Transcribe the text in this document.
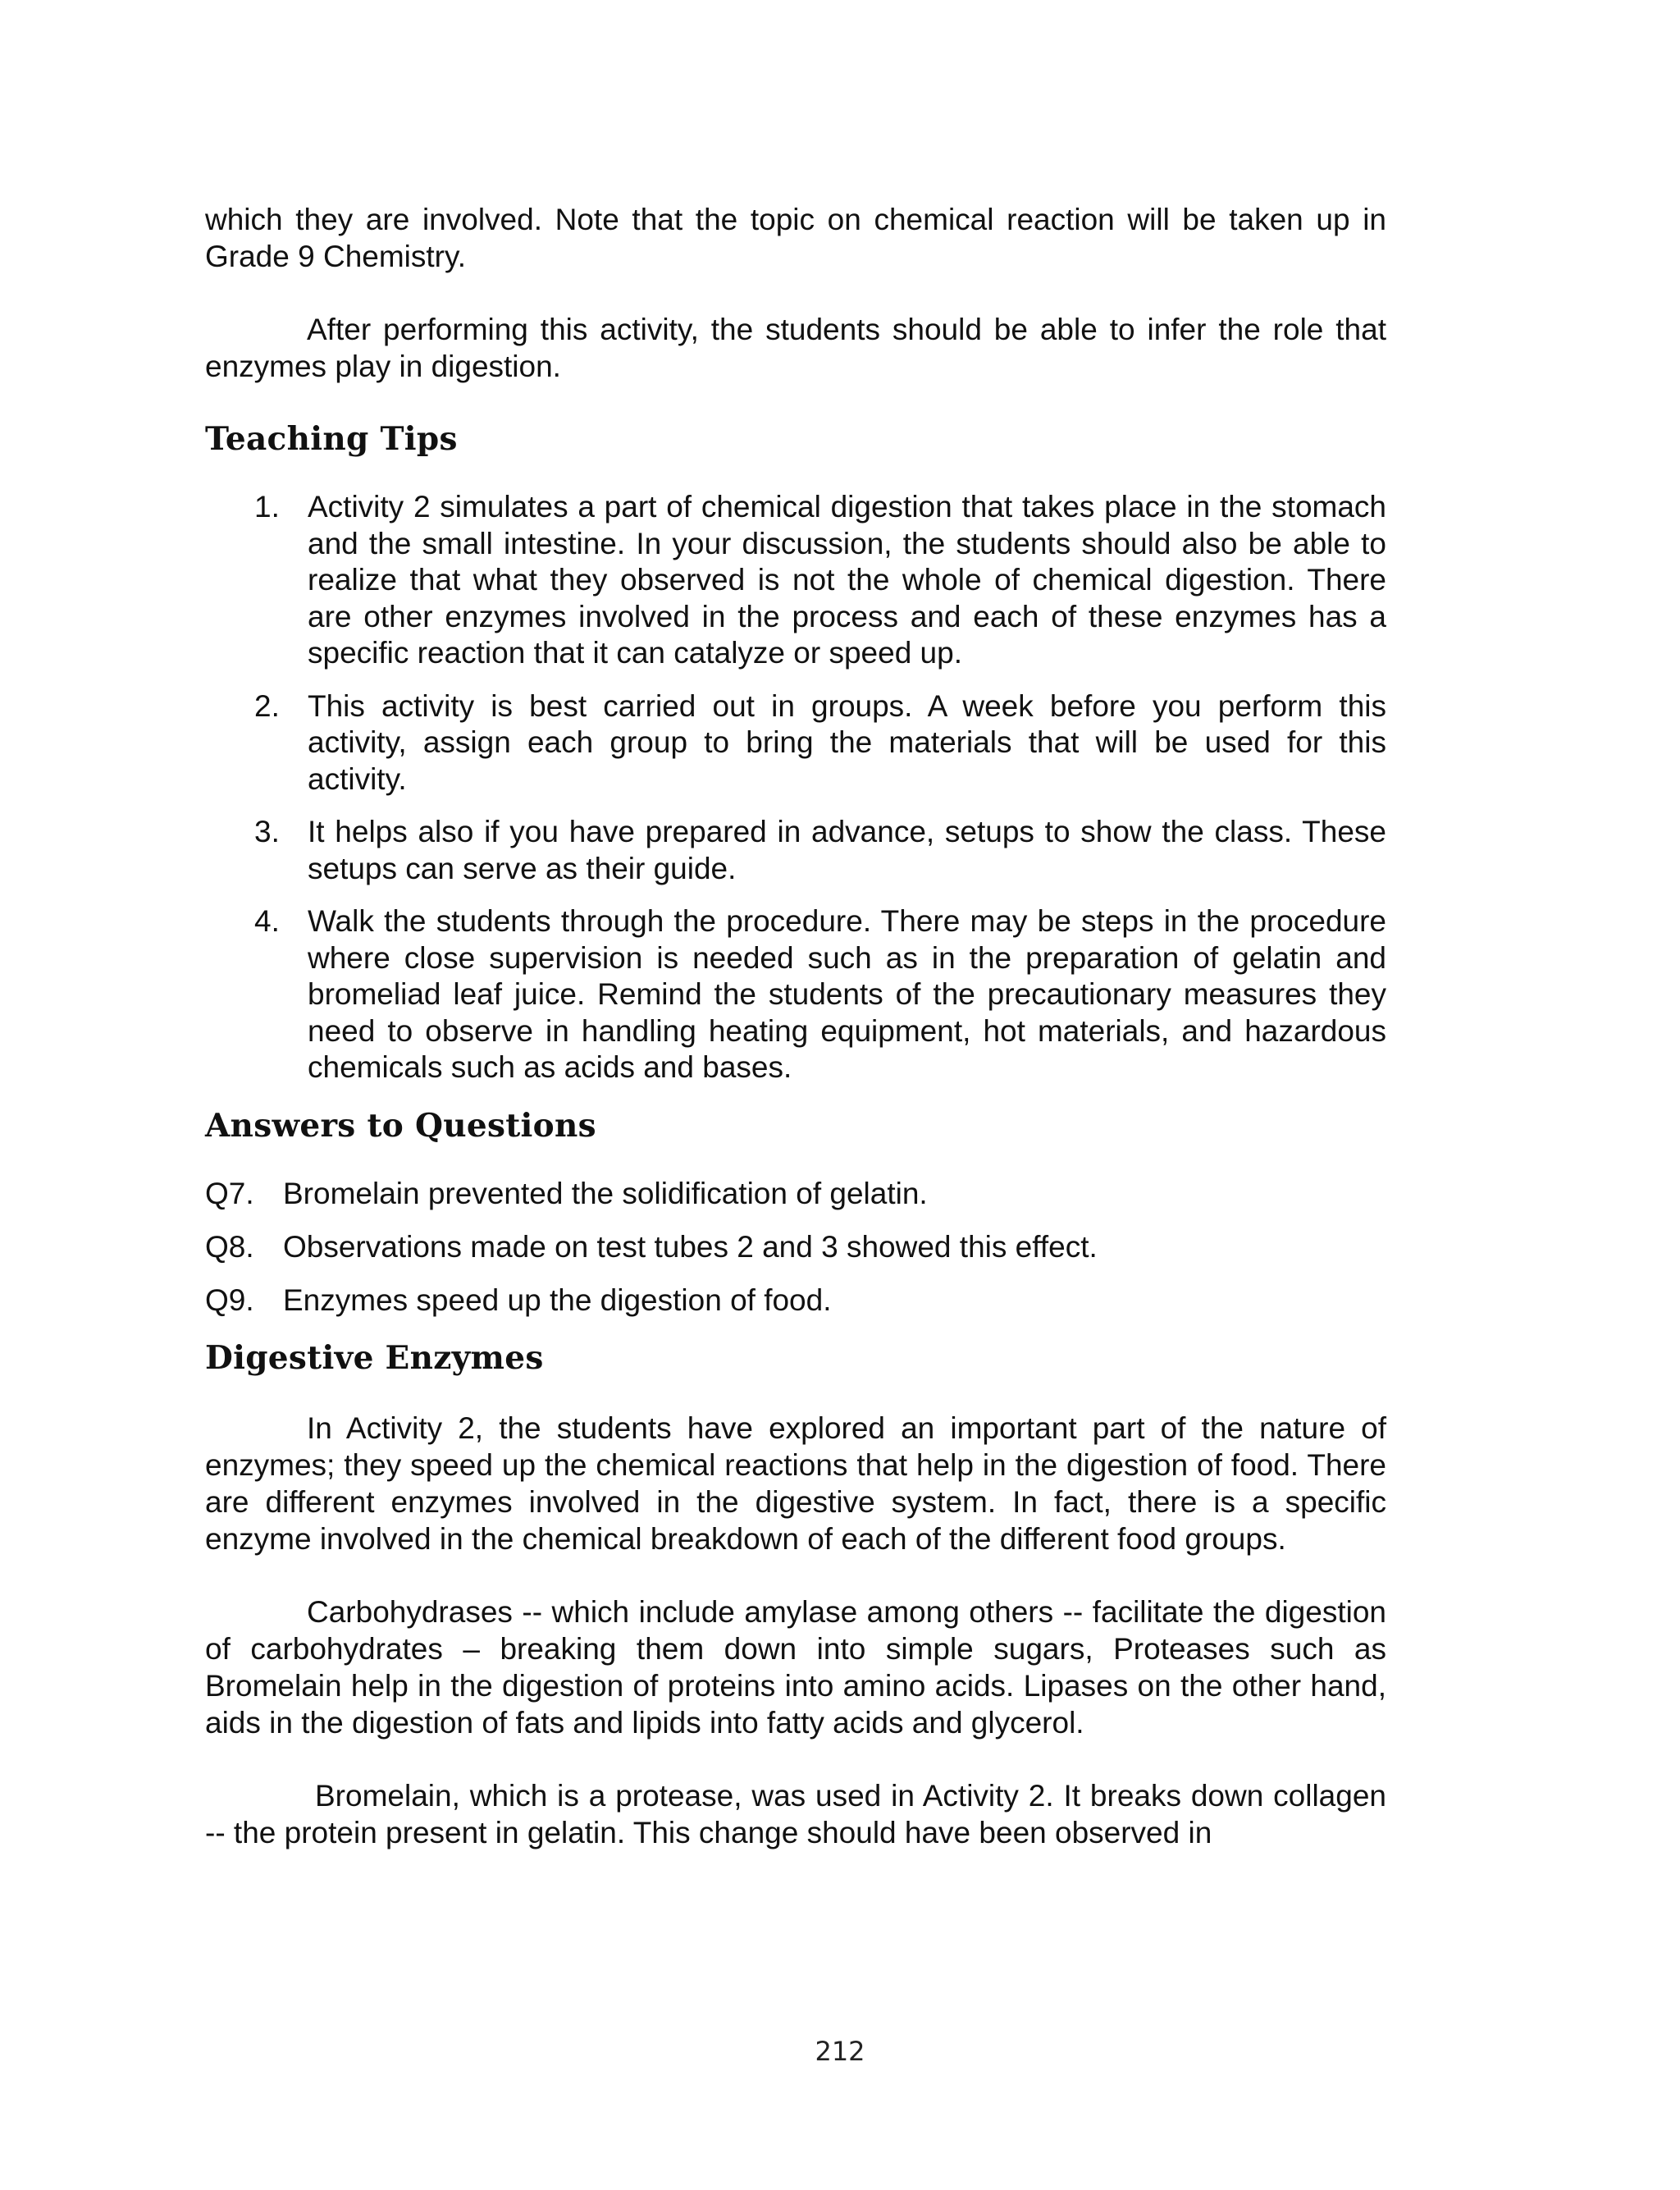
which they are involved. Note that the topic on chemical reaction will be taken up in Grade 9 Chemistry.

After performing this activity, the students should be able to infer the role that enzymes play in digestion.

Teaching Tips
1. Activity 2 simulates a part of chemical digestion that takes place in the stomach and the small intestine. In your discussion, the students should also be able to realize that what they observed is not the whole of chemical digestion. There are other enzymes involved in the process and each of these enzymes has a specific reaction that it can catalyze or speed up.
2. This activity is best carried out in groups. A week before you perform this activity, assign each group to bring the materials that will be used for this activity.
3. It helps also if you have prepared in advance, setups to show the class. These setups can serve as their guide.
4. Walk the students through the procedure. There may be steps in the procedure where close supervision is needed such as in the preparation of gelatin and bromeliad leaf juice. Remind the students of the precautionary measures they need to observe in handling heating equipment, hot materials, and hazardous chemicals such as acids and bases.
Answers to Questions
Q7. Bromelain prevented the solidification of gelatin.
Q8. Observations made on test tubes 2 and 3 showed this effect.
Q9. Enzymes speed up the digestion of food.
Digestive Enzymes

In Activity 2, the students have explored an important part of the nature of enzymes; they speed up the chemical reactions that help in the digestion of food. There are different enzymes involved in the digestive system. In fact, there is a specific enzyme involved in the chemical breakdown of each of the different food groups.

Carbohydrases -- which include amylase among others -- facilitate the digestion of carbohydrates – breaking them down into simple sugars, Proteases such as Bromelain help in the digestion of proteins into amino acids. Lipases on the other hand, aids in the digestion of fats and lipids into fatty acids and glycerol.

Bromelain, which is a protease, was used in Activity 2. It breaks down collagen -- the protein present in gelatin. This change should have been observed in

212
